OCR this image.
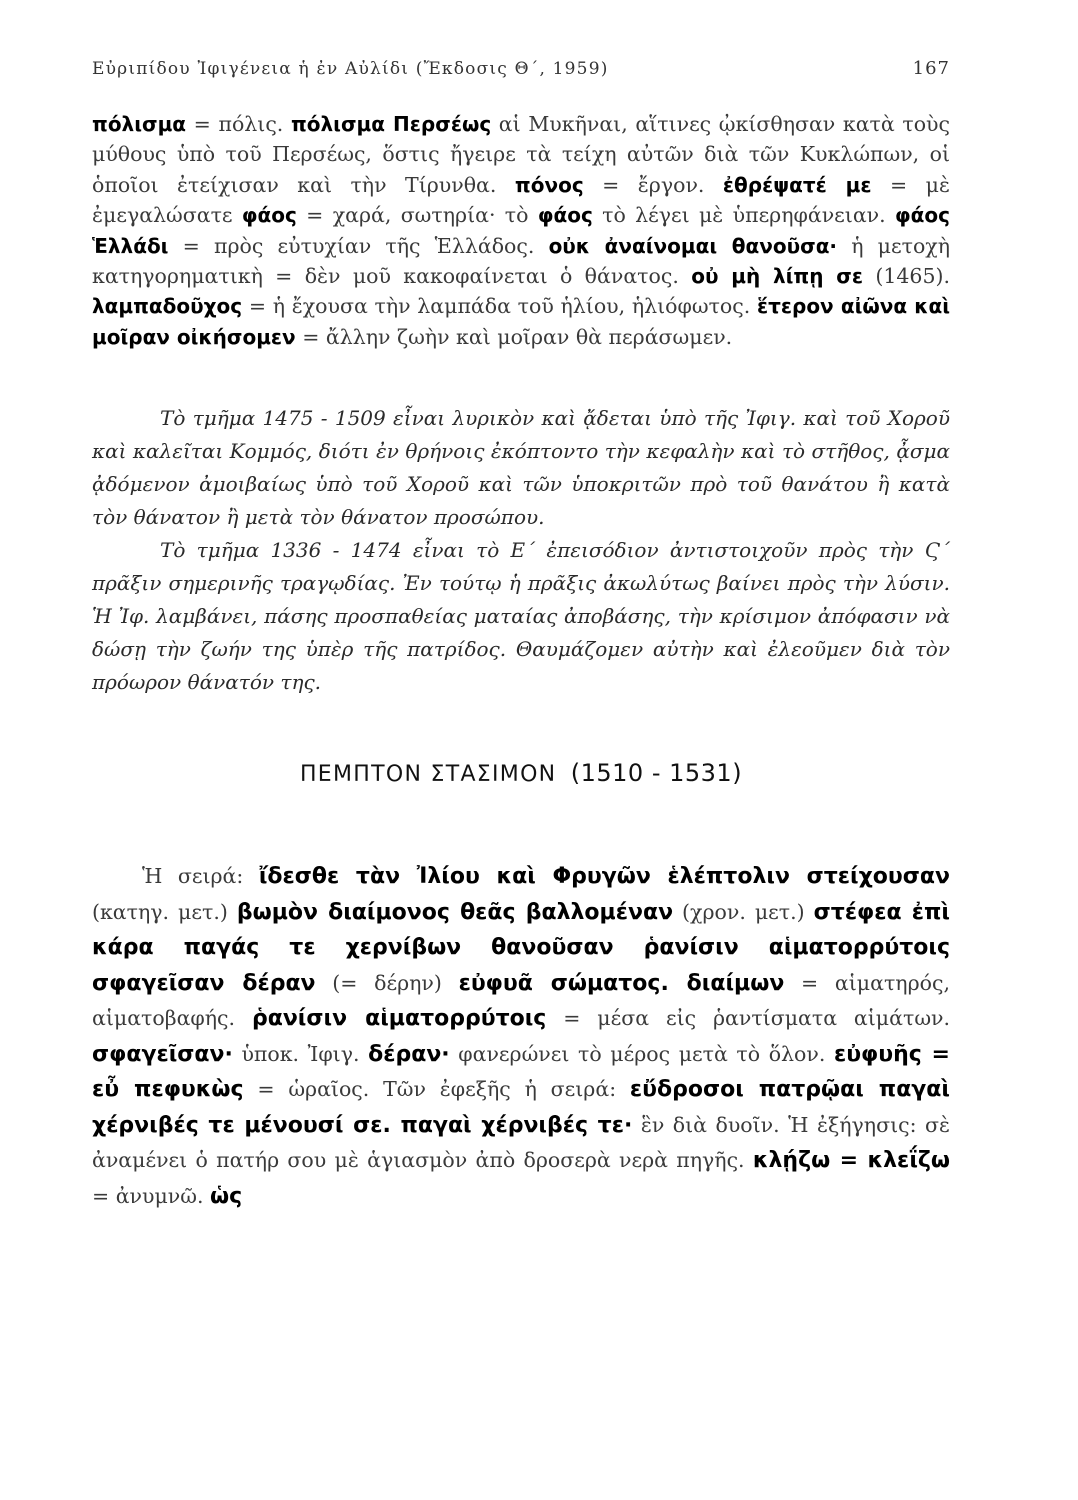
Εὐριπίδου Ἰφιγένεια ἡ ἐν Αὐλίδι (Ἔκδοσις Θ΄, 1959)	167

πόλισμα = πόλις. πόλισμα Περσέως αἱ Μυκῆναι, αἵτινες ᾠκίσθησαν κατὰ τοὺς μύθους ὑπὸ τοῦ Περσέως, ὅστις ἤγειρε τὰ τείχη αὐτῶν διὰ τῶν Κυκλώπων, οἱ ὁποῖοι ἐτείχισαν καὶ τὴν Τίρυνθα. πόνος = ἔργον. ἐθρέψατέ με = μὲ ἐμεγαλώσατε φάος = χαρά, σωτηρία· τὸ φάος τὸ λέγει μὲ ὑπερηφάνειαν. φάος Ἑλλάδι = πρὸς εὐτυχίαν τῆς Ἑλλάδος. οὐκ ἀναίνομαι θανοῦσα· ἡ μετοχὴ κατηγορηματικὴ = δὲν μοῦ κακοφαίνεται ὁ θάνατος. οὐ μὴ λίπῃ σε (1465). λαμπαδοῦχος = ἡ ἔχουσα τὴν λαμπάδα τοῦ ἡλίου, ἡλιόφωτος. ἕτερον αἰῶνα καὶ μοῖραν οἰκήσομεν = ἄλλην ζωὴν καὶ μοῖραν θὰ περάσωμεν.

Τὸ τμῆμα 1475 - 1509 εἶναι λυρικὸν καὶ ᾄδεται ὑπὸ τῆς Ἰφιγ. καὶ τοῦ Χοροῦ καὶ καλεῖται Κομμός, διότι ἐν θρήνοις ἐκόπτοντο τὴν κεφαλὴν καὶ τὸ στῆθος, ᾆσμα ᾀδόμενον ἀμοιβαίως ὑπὸ τοῦ Χοροῦ καὶ τῶν ὑποκριτῶν πρὸ τοῦ θανάτου ἢ κατὰ τὸν θάνατον ἢ μετὰ τὸν θάνατον προσώπου.

Τὸ τμῆμα 1336 - 1474 εἶναι τὸ Ε΄ ἐπεισόδιον ἀντιστοιχοῦν πρὸς τὴν Ϛ΄ πρᾶξιν σημερινῆς τραγῳδίας. Ἐν τούτῳ ἡ πρᾶξις ἀκωλύτως βαίνει πρὸς τὴν λύσιν. Ἡ Ἰφ. λαμβάνει, πάσης προσπαθείας ματαίας ἀποβάσης, τὴν κρίσιμον ἀπόφασιν νὰ δώσῃ τὴν ζωήν της ὑπὲρ τῆς πατρίδος. Θαυμάζομεν αὐτὴν καὶ ἐλεοῦμεν διὰ τὸν πρόωρον θάνατόν της.

ΠΕΜΠΤΟΝ ΣΤΑΣΙΜΟΝ (1510 - 1531)

Ἡ σειρά: ἴδεσθε τὰν Ἰλίου καὶ Φρυγῶν ἑλέπτολιν στείχουσαν (κατηγ. μετ.) βωμὸν διαίμονος θεᾶς βαλλομέναν (χρον. μετ.) στέφεα ἐπὶ κάρα παγάς τε χερνίβων θανοῦσαν ῥανίσιν αἱματορρύτοις σφαγεῖσαν δέραν (= δέρην) εὐφυᾶ σώματος. διαίμων = αἱματηρός, αἱματοβαφής. ῥανίσιν αἱματορρύτοις = μέσα εἰς ῥαντίσματα αἱμάτων. σφαγεῖσαν· ὑποκ. Ἰφιγ. δέραν· φανερώνει τὸ μέρος μετὰ τὸ ὅλον. εὐφυῆς = εὖ πεφυκὼς = ὡραῖος. Τῶν ἐφεξῆς ἡ σειρά: εὔδροσοι πατρῷαι παγαὶ χέρνιβές τε μένουσί σε. παγαὶ χέρνιβές τε· ἓν διὰ δυοῖν. Ἡ ἐξήγησις: σὲ ἀναμένει ὁ πατήρ σου μὲ ἁγιασμὸν ἀπὸ δροσερὰ νερὰ πηγῆς. κλῄζω = κλεΐζω = ἀνυμνῶ. ὡς
